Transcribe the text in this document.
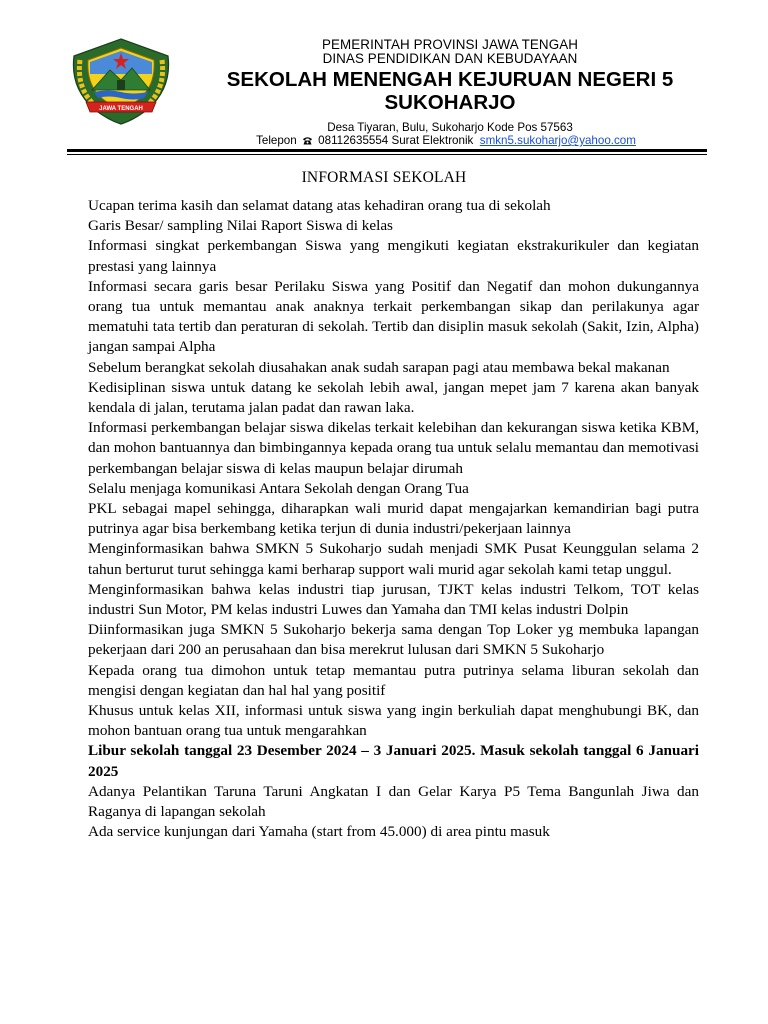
JAWA TENGAH
PEMERINTAH PROVINSI JAWA TENGAH
DINAS PENDIDIKAN DAN KEBUDAYAAN
SEKOLAH MENENGAH KEJURUAN NEGERI 5 SUKOHARJO
Desa Tiyaran, Bulu, Sukoharjo Kode Pos 57563
Telepon 08112635554 Surat Elektronik smkn5.sukoharjo@yahoo.com
INFORMASI SEKOLAH

Ucapan terima kasih dan selamat datang atas kehadiran orang tua di sekolah

Garis Besar/ sampling Nilai Raport Siswa di kelas

Informasi singkat perkembangan Siswa yang mengikuti kegiatan ekstrakurikuler dan kegiatan prestasi yang lainnya

Informasi secara garis besar Perilaku Siswa yang Positif dan Negatif dan mohon dukungannya orang tua untuk memantau anak anaknya terkait perkembangan sikap dan perilakunya agar mematuhi tata tertib dan peraturan di sekolah. Tertib dan disiplin masuk sekolah (Sakit, Izin, Alpha) jangan sampai Alpha

Sebelum berangkat sekolah diusahakan anak sudah sarapan pagi atau membawa bekal makanan

Kedisiplinan siswa untuk datang ke sekolah lebih awal, jangan mepet jam 7 karena akan banyak kendala di jalan, terutama jalan padat dan rawan laka.

Informasi perkembangan belajar siswa dikelas terkait kelebihan dan kekurangan siswa ketika KBM, dan mohon bantuannya dan bimbingannya kepada orang tua untuk selalu memantau dan memotivasi perkembangan belajar siswa di kelas maupun belajar dirumah

Selalu menjaga komunikasi Antara Sekolah dengan Orang Tua

PKL sebagai mapel sehingga, diharapkan wali murid dapat mengajarkan kemandirian bagi putra putrinya agar bisa berkembang ketika terjun di dunia industri/pekerjaan lainnya

Menginformasikan bahwa SMKN 5 Sukoharjo sudah menjadi SMK Pusat Keunggulan selama 2 tahun berturut turut sehingga kami berharap support wali murid agar sekolah kami tetap unggul.

Menginformasikan bahwa kelas industri tiap jurusan, TJKT kelas industri Telkom, TOT kelas industri Sun Motor, PM kelas industri Luwes dan Yamaha dan TMI kelas industri Dolpin

Diinformasikan juga SMKN 5 Sukoharjo bekerja sama dengan Top Loker yg membuka lapangan pekerjaan dari 200 an perusahaan dan bisa merekrut lulusan dari SMKN 5 Sukoharjo

Kepada orang tua dimohon untuk tetap memantau putra putrinya selama liburan sekolah dan mengisi dengan kegiatan dan hal hal yang positif

Khusus untuk kelas XII, informasi untuk siswa yang ingin berkuliah dapat menghubungi BK, dan mohon bantuan orang tua untuk mengarahkan

Libur sekolah tanggal 23 Desember 2024 – 3 Januari 2025. Masuk sekolah tanggal 6 Januari 2025

Adanya Pelantikan Taruna Taruni Angkatan I dan Gelar Karya P5 Tema Bangunlah Jiwa dan Raganya di lapangan sekolah

Ada service kunjungan dari Yamaha (start from 45.000) di area pintu masuk
